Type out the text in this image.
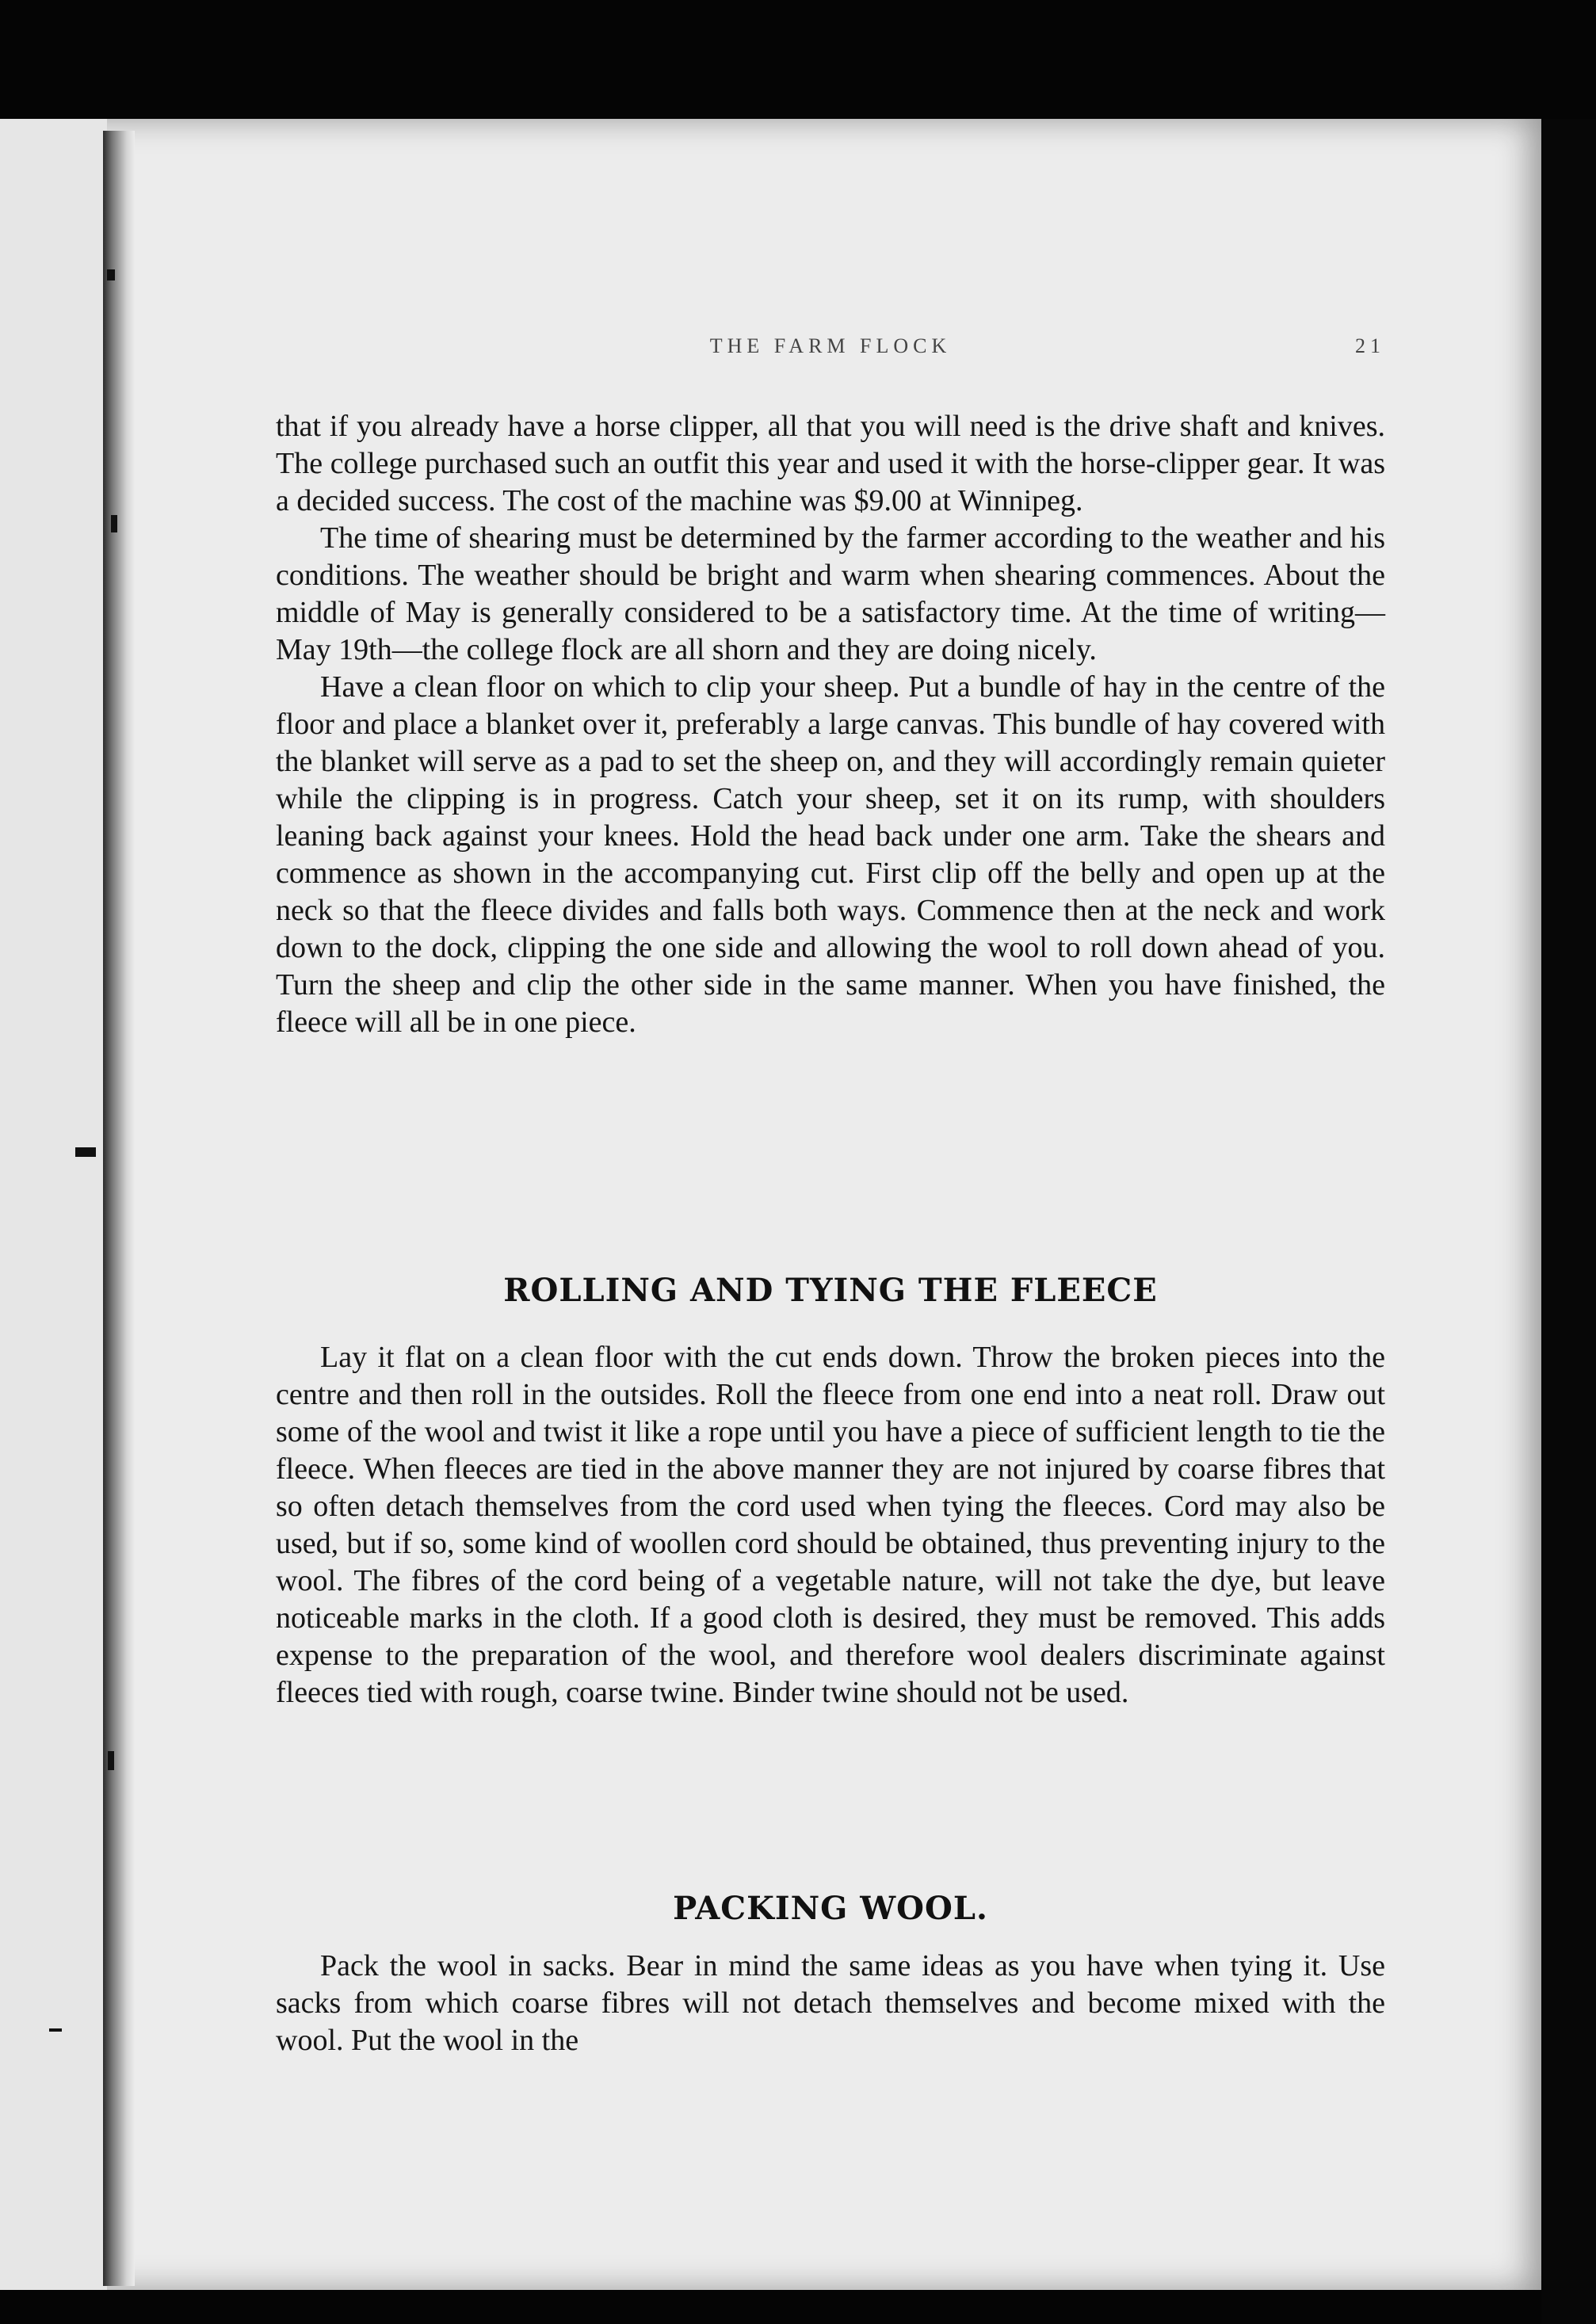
THE FARM FLOCK	21

that if you already have a horse clipper, all that you will need is the drive shaft and knives. The college purchased such an outfit this year and used it with the horse-clipper gear. It was a decided success. The cost of the machine was $9.00 at Winnipeg.

The time of shearing must be determined by the farmer according to the weather and his conditions. The weather should be bright and warm when shearing commences. About the middle of May is generally considered to be a satisfactory time. At the time of writing—May 19th—the college flock are all shorn and they are doing nicely.

Have a clean floor on which to clip your sheep. Put a bundle of hay in the centre of the floor and place a blanket over it, preferably a large canvas. This bundle of hay covered with the blanket will serve as a pad to set the sheep on, and they will accordingly remain quieter while the clipping is in progress. Catch your sheep, set it on its rump, with shoulders leaning back against your knees. Hold the head back under one arm. Take the shears and commence as shown in the accompanying cut. First clip off the belly and open up at the neck so that the fleece divides and falls both ways. Commence then at the neck and work down to the dock, clipping the one side and allowing the wool to roll down ahead of you. Turn the sheep and clip the other side in the same manner. When you have finished, the fleece will all be in one piece.

ROLLING AND TYING THE FLEECE

Lay it flat on a clean floor with the cut ends down. Throw the broken pieces into the centre and then roll in the outsides. Roll the fleece from one end into a neat roll. Draw out some of the wool and twist it like a rope until you have a piece of sufficient length to tie the fleece. When fleeces are tied in the above manner they are not injured by coarse fibres that so often detach themselves from the cord used when tying the fleeces. Cord may also be used, but if so, some kind of woollen cord should be obtained, thus preventing injury to the wool. The fibres of the cord being of a vegetable nature, will not take the dye, but leave noticeable marks in the cloth. If a good cloth is desired, they must be removed. This adds expense to the preparation of the wool, and therefore wool dealers discriminate against fleeces tied with rough, coarse twine. Binder twine should not be used.

PACKING WOOL.

Pack the wool in sacks. Bear in mind the same ideas as you have when tying it. Use sacks from which coarse fibres will not detach themselves and become mixed with the wool. Put the wool in the
